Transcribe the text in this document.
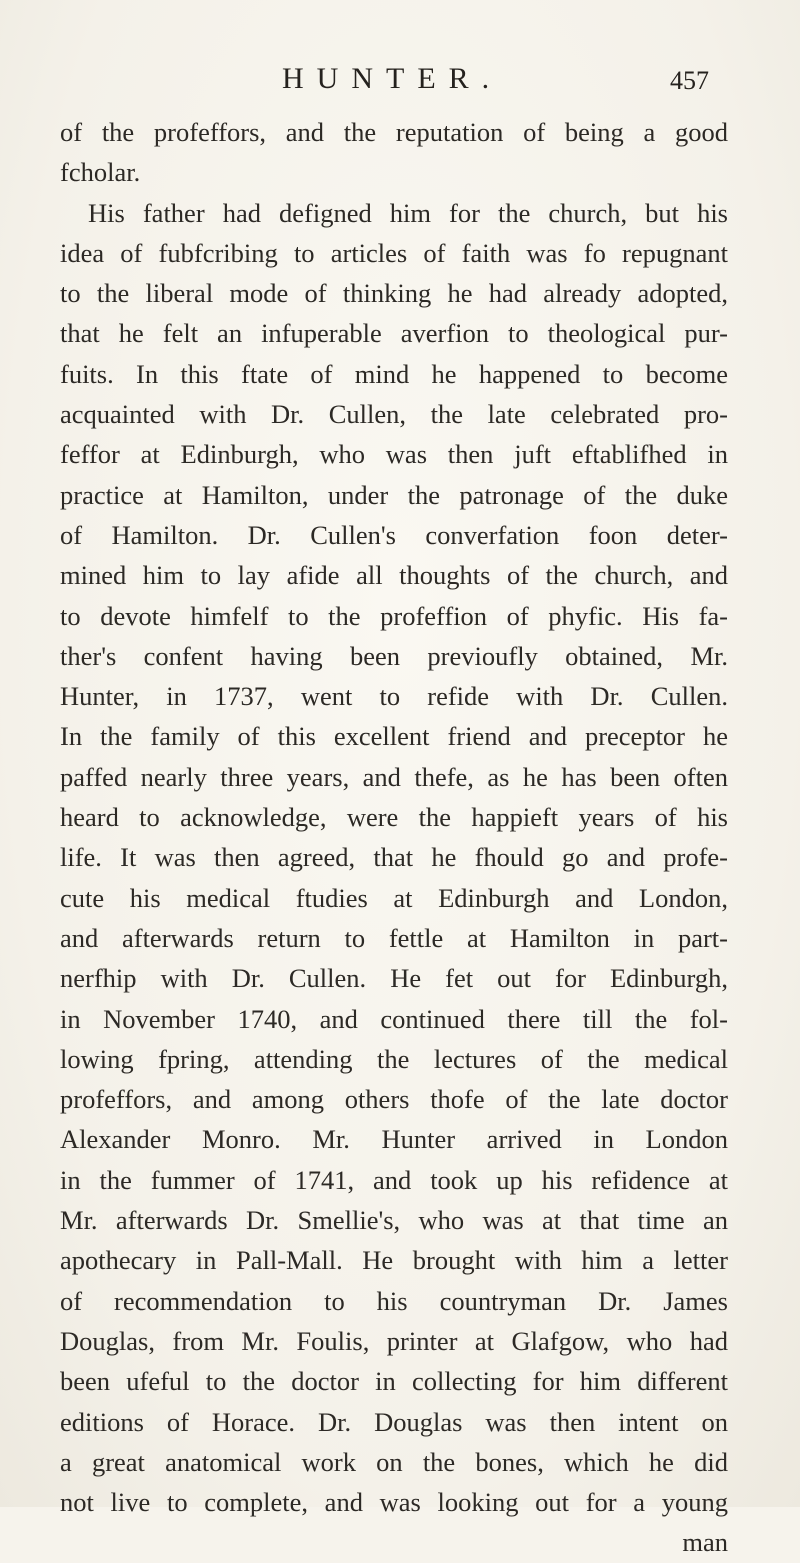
HUNTER.	457
of the profeffors, and the reputation of being a good
fcholar.
His father had defigned him for the church, but his
idea of fubfcribing to articles of faith was fo repugnant
to the liberal mode of thinking he had already adopted,
that he felt an infuperable averfion to theological pur-
fuits. In this ftate of mind he happened to become
acquainted with Dr. Cullen, the late celebrated pro-
feffor at Edinburgh, who was then juft eftablifhed in
practice at Hamilton, under the patronage of the duke
of Hamilton. Dr. Cullen's converfation foon deter-
mined him to lay afide all thoughts of the church, and
to devote himfelf to the profeffion of phyfic. His fa-
ther's confent having been previoufly obtained, Mr.
Hunter, in 1737, went to refide with Dr. Cullen.
In the family of this excellent friend and preceptor he
paffed nearly three years, and thefe, as he has been often
heard to acknowledge, were the happieft years of his
life. It was then agreed, that he fhould go and profe-
cute his medical ftudies at Edinburgh and London,
and afterwards return to fettle at Hamilton in part-
nerfhip with Dr. Cullen. He fet out for Edinburgh,
in November 1740, and continued there till the fol-
lowing fpring, attending the lectures of the medical
profeffors, and among others thofe of the late doctor
Alexander Monro. Mr. Hunter arrived in London
in the fummer of 1741, and took up his refidence at
Mr. afterwards Dr. Smellie's, who was at that time an
apothecary in Pall-Mall. He brought with him a letter
of recommendation to his countryman Dr. James
Douglas, from Mr. Foulis, printer at Glafgow, who had
been ufeful to the doctor in collecting for him different
editions of Horace. Dr. Douglas was then intent on
a great anatomical work on the bones, which he did
not live to complete, and was looking out for a young
man
